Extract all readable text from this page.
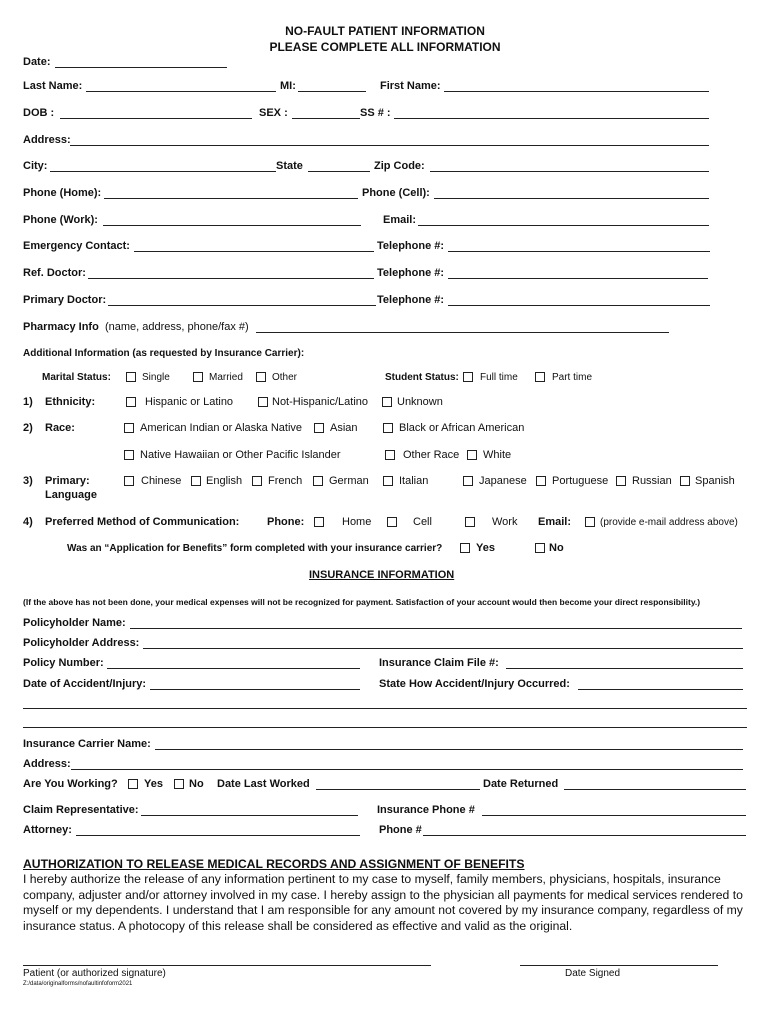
NO-FAULT PATIENT INFORMATION
PLEASE COMPLETE ALL INFORMATION
Date:
Last Name:	MI:	First Name:
DOB :	SEX :	SS # :
Address:
City:	State	Zip Code:
Phone (Home):	Phone (Cell):
Phone (Work):	Email:
Emergency Contact:	Telephone #:
Ref. Doctor:	Telephone #:
Primary Doctor:	Telephone #:
Pharmacy Info (name, address, phone/fax #)
Additional Information (as requested by Insurance Carrier):
Marital Status:	Single	Married	Other	Student Status: Full time	Part time
1) Ethnicity:	Hispanic or Latino	Not-Hispanic/Latino	Unknown
2) Race:	American Indian or Alaska Native	Asian	Black or African American
Native Hawaiian or Other Pacific Islander	Other Race White
3) Primary:
Language
Chinese English French German	Italian	Japanese Portuguese Russian Spanish
4) Preferred Method of Communication:	Phone:	Home	Cell	Work Email:	(provide e-mail address above)
Was an “Application for Benefits” form completed with your insurance carrier?	Yes	No
INSURANCE INFORMATION
(If the above has not been done, your medical expenses will not be recognized for payment. Satisfaction of your account would then become your direct responsibility.)
Policyholder Name:
Policyholder Address:
Policy Number:	Insurance Claim File #:
Date of Accident/Injury:	State How Accident/Injury Occurred:
Insurance Carrier Name:
Address:
Are You Working? Yes No Date Last Worked	Date Returned
Claim Representative:	Insurance Phone #
Attorney:	Phone #
AUTHORIZATION TO RELEASE MEDICAL RECORDS AND ASSIGNMENT OF BENEFITS
I hereby authorize the release of any information pertinent to my case to myself, family members, physicians, hospitals, insurance company, adjuster and/or attorney involved in my case. I hereby assign to the physician all payments for medical services rendered to myself or my dependents. I understand that I am responsible for any amount not covered by my insurance company, regardless of my insurance status. A photocopy of this release shall be considered as effective and valid as the original.
Patient (or authorized signature)	Date Signed
Z:/data/originalforms/nofaultinfoform2021
